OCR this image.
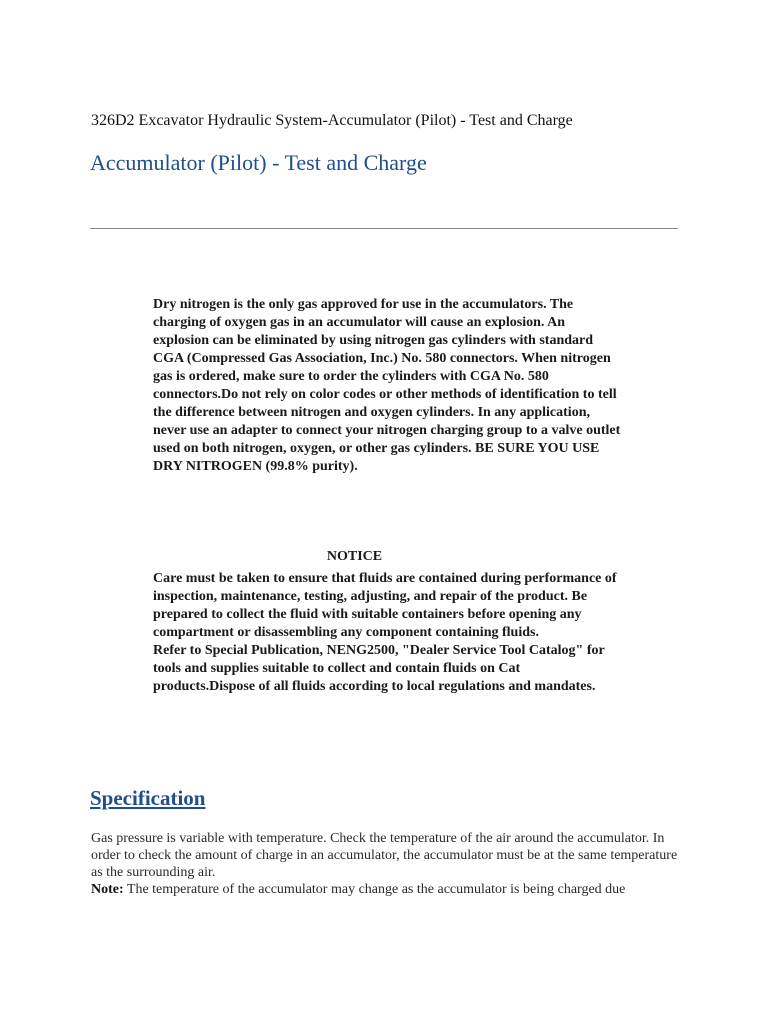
326D2 Excavator Hydraulic System-Accumulator (Pilot) - Test and Charge
Accumulator (Pilot) - Test and Charge
Dry nitrogen is the only gas approved for use in the accumulators. The charging of oxygen gas in an accumulator will cause an explosion. An explosion can be eliminated by using nitrogen gas cylinders with standard CGA (Compressed Gas Association, Inc.) No. 580 connectors. When nitrogen gas is ordered, make sure to order the cylinders with CGA No. 580 connectors.Do not rely on color codes or other methods of identification to tell the difference between nitrogen and oxygen cylinders. In any application, never use an adapter to connect your nitrogen charging group to a valve outlet used on both nitrogen, oxygen, or other gas cylinders. BE SURE YOU USE DRY NITROGEN (99.8% purity).
NOTICE

Care must be taken to ensure that fluids are contained during performance of inspection, maintenance, testing, adjusting, and repair of the product. Be prepared to collect the fluid with suitable containers before opening any compartment or disassembling any component containing fluids.

Refer to Special Publication, NENG2500, "Dealer Service Tool Catalog" for tools and supplies suitable to collect and contain fluids on Cat products.Dispose of all fluids according to local regulations and mandates.

Specification

Gas pressure is variable with temperature. Check the temperature of the air around the accumulator. In order to check the amount of charge in an accumulator, the accumulator must be at the same temperature as the surrounding air.

Note: The temperature of the accumulator may change as the accumulator is being charged due
